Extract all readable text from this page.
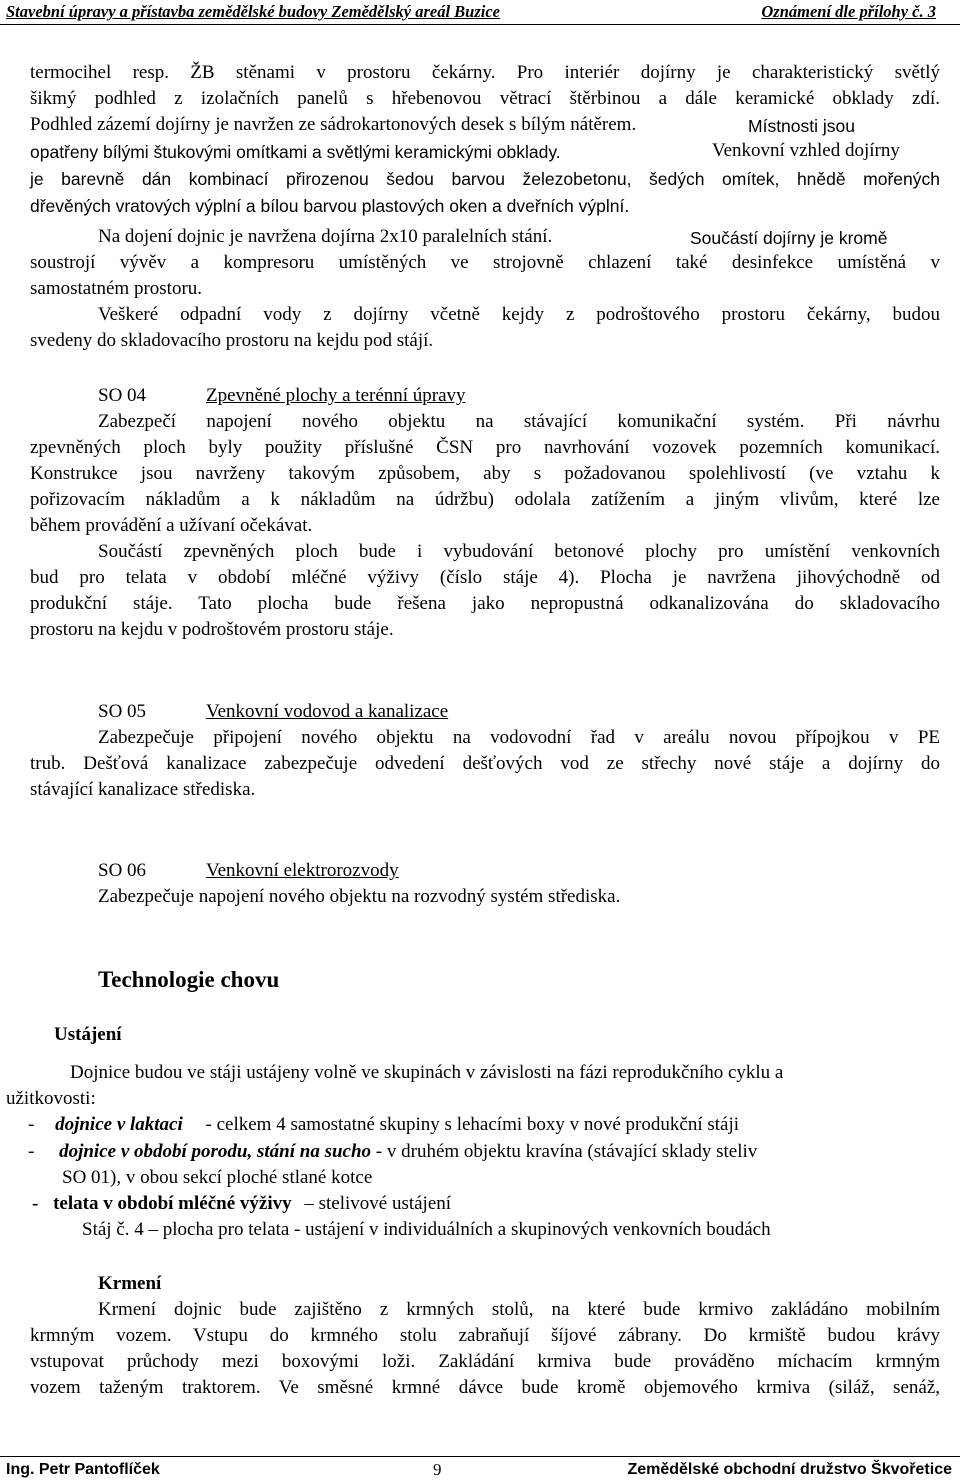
Stavební úpravy a přístavba zemědělské budovy Zemědělský areál Buzice	Oznámení dle přílohy č. 3
termocihel resp. ŽB stěnami v prostoru čekárny. Pro interiér dojírny je charakteristický světlý
šikmý podhled z izolačních panelů s hřebenovou větrací štěrbinou a dále keramické obklady zdí.
Podhled zázemí dojírny je navržen ze sádrokartonových desek s bílým nátěrem.	Místnosti jsou
opatřeny bílými štukovými omítkami a světlými keramickými obklady.	Venkovní vzhled dojírny
je barevně dán kombinací přirozenou šedou barvou železobetonu, šedých omítek, hnědě mořených
dřevěných vratových výplní a bílou barvou plastových oken a dveřních výplní.
Na dojení dojnic je navržena dojírna 2x10 paralelních stání.	Součástí dojírny je kromě
soustrojí vývěv a kompresoru umístěných ve strojovně chlazení také desinfekce umístěná v
samostatném prostoru.
Veškeré odpadní vody z dojírny včetně kejdy z podroštového prostoru čekárny, budou
svedeny do skladovacího prostoru na kejdu pod stájí.
SO 04	Zpevněné plochy a terénní úpravy
Zabezpečí napojení nového objektu na stávající komunikační systém. Při návrhu
zpevněných ploch byly použity příslušné ČSN pro navrhování vozovek pozemních komunikací.
Konstrukce jsou navrženy takovým způsobem, aby s požadovanou spolehlivostí (ve vztahu k
pořizovacím nákladům a k nákladům na údržbu) odolala zatížením a jiným vlivům, které lze
během provádění a užívaní očekávat.
Součástí zpevněných ploch bude i vybudování betonové plochy pro umístění venkovních
bud pro telata v období mléčné výživy (číslo stáje 4). Plocha je navržena jihovýchodně od
produkční stáje. Tato plocha bude řešena jako nepropustná odkanalizována do skladovacího
prostoru na kejdu v podroštovém prostoru stáje.
SO 05	Venkovní vodovod a kanalizace
Zabezpečuje připojení nového objektu na vodovodní řad v areálu novou přípojkou v PE
trub. Dešťová kanalizace zabezpečuje odvedení dešťových vod ze střechy nové stáje a dojírny do
stávající kanalizace střediska.
SO 06	Venkovní elektrorozvody
Zabezpečuje napojení nového objektu na rozvodný systém střediska.
Technologie chovu
Ustájení
Dojnice budou ve stáji ustájeny volně ve skupinách v závislosti na fázi reprodukčního cyklu a
užitkovosti:
- dojnice v laktaci - celkem 4 samostatné skupiny s lehacími boxy v nové produkční stáji
- dojnice v období porodu, stání na sucho - v druhém objektu kravína (stávající sklady steliv
SO 01), v obou sekcí ploché stlané kotce
- telata v období mléčné výživy – stelivové ustájení
Stáj č. 4 – plocha pro telata - ustájení v individuálních a skupinových venkovních boudách
Krmení
Krmení dojnic bude zajištěno z krmných stolů, na které bude krmivo zakládáno mobilním
krmným vozem. Vstupu do krmného stolu zabraňují šíjové zábrany. Do krmiště budou krávy
vstupovat průchody mezi boxovými loži. Zakládání krmiva bude prováděno míchacím krmným
vozem taženým traktorem. Ve směsné krmné dávce bude kromě objemového krmiva (siláž, senáž,
Ing. Petr Pantoflíček	9	Zemědělské obchodní družstvo Škvořetice
